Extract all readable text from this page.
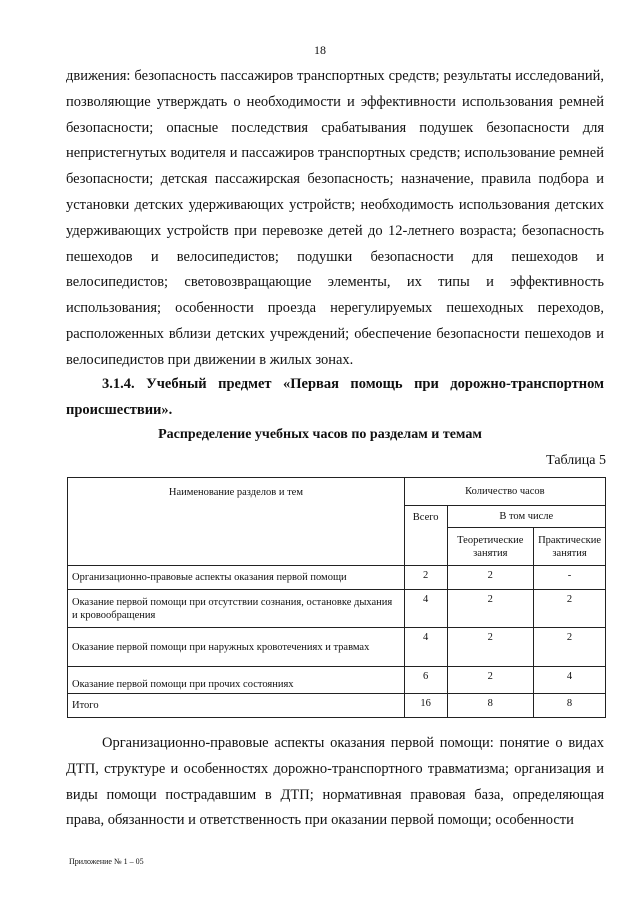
18

движения: безопасность пассажиров транспортных средств; результаты исследований, позволяющие утверждать о необходимости и эффективности использования ремней безопасности; опасные последствия срабатывания подушек безопасности для непристегнутых водителя и пассажиров транспортных средств; использование ремней безопасности; детская пассажирская безопасность; назначение, правила подбора и установки детских удерживающих устройств; необходимость использования детских удерживающих устройств при перевозке детей до 12-летнего возраста; безопасность пешеходов и велосипедистов; подушки безопасности для пешеходов и велосипедистов; световозвращающие элементы, их типы и эффективность использования; особенности проезда нерегулируемых пешеходных переходов, расположенных вблизи детских учреждений; обеспечение безопасности пешеходов и велосипедистов при движении в жилых зонах.

3.1.4. Учебный предмет «Первая помощь при дорожно-транспортном происшествии».

Распределение учебных часов по разделам и темам

Таблица 5
Наименование разделов и тем	Количество часов		
	Всего	В том числе	
		Теоретические занятия	Практические занятия
Организационно-правовые аспекты оказания первой помощи	2	2	-
Оказание первой помощи при отсутствии сознания, остановке дыхания и кровообращения	4	2	2
Оказание первой помощи при наружных кровотечениях и травмах	4	2	2
Оказание первой помощи при прочих состояниях	6	2	4
Итого	16	8	8

Организационно-правовые аспекты оказания первой помощи: понятие о видах ДТП, структуре и особенностях дорожно-транспортного травматизма; организация и виды помощи пострадавшим в ДТП; нормативная правовая база, определяющая права, обязанности и ответственность при оказании первой помощи; особенности

Приложение № 1 – 05
